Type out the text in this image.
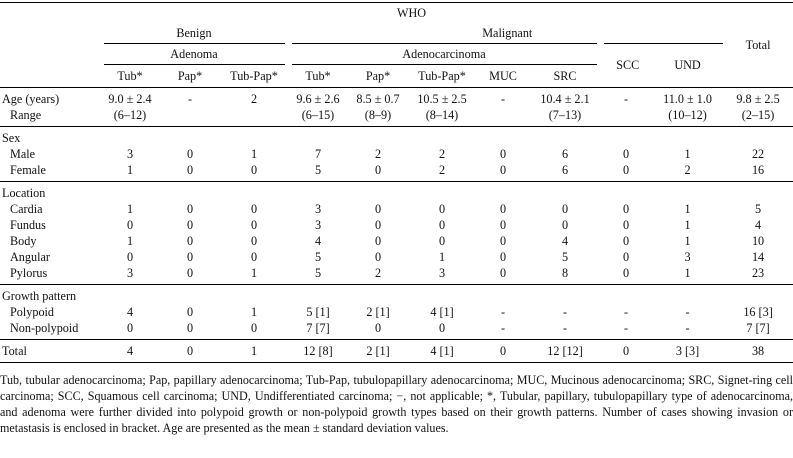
	WHO										Total
	Benign			Malignant							
	Adenoma			Adenocarcinoma					SCC	UND	
	Tub*	Pap*	Tub-Pap*	Tub*	Pap*	Tub-Pap*	MUC	SRC			

Age (years)	9.0 ± 2.4	-	2	9.6 ± 2.6	8.5 ± 0.7	10.5 ± 2.5	-	10.4 ± 2.1	-	11.0 ± 1.0	9.8 ± 2.5
Range	(6–12)			(6–15)	(8–9)	(8–14)		(7–13)		(10–12)	(2–15)

Sex											
Male	3	0	1	7	2	2	0	6	0	1	22
Female	1	0	0	5	0	2	0	6	0	2	16

Location											
Cardia	1	0	0	3	0	0	0	0	0	1	5
Fundus	0	0	0	3	0	0	0	0	0	1	4
Body	1	0	0	4	0	0	0	4	0	1	10
Angular	0	0	0	5	0	1	0	5	0	3	14
Pylorus	3	0	1	5	2	3	0	8	0	1	23

Growth pattern											
Polypoid	4	0	1	5 [1]	2 [1]	4 [1]	-	-	-	-	16 [3]
Non-polypoid	0	0	0	7 [7]	0	0	-	-	-	-	7 [7]

Total	4	0	1	12 [8]	2 [1]	4 [1]	0	12 [12]	0	3 [3]	38

Tub, tubular adenocarcinoma; Pap, papillary adenocarcinoma; Tub-Pap, tubulopapillary adenocarcinoma; MUC, Mucinous adenocarcinoma; SRC, Signet-ring cell carcinoma; SCC, Squamous cell carcinoma; UND, Undifferentiated carcinoma; −, not applicable; *, Tubular, papillary, tubulopapillary type of adenocarcinoma, and adenoma were further divided into polypoid growth or non-polypoid growth types based on their growth patterns. Number of cases showing invasion or metastasis is enclosed in bracket. Age are presented as the mean ± standard deviation values.
